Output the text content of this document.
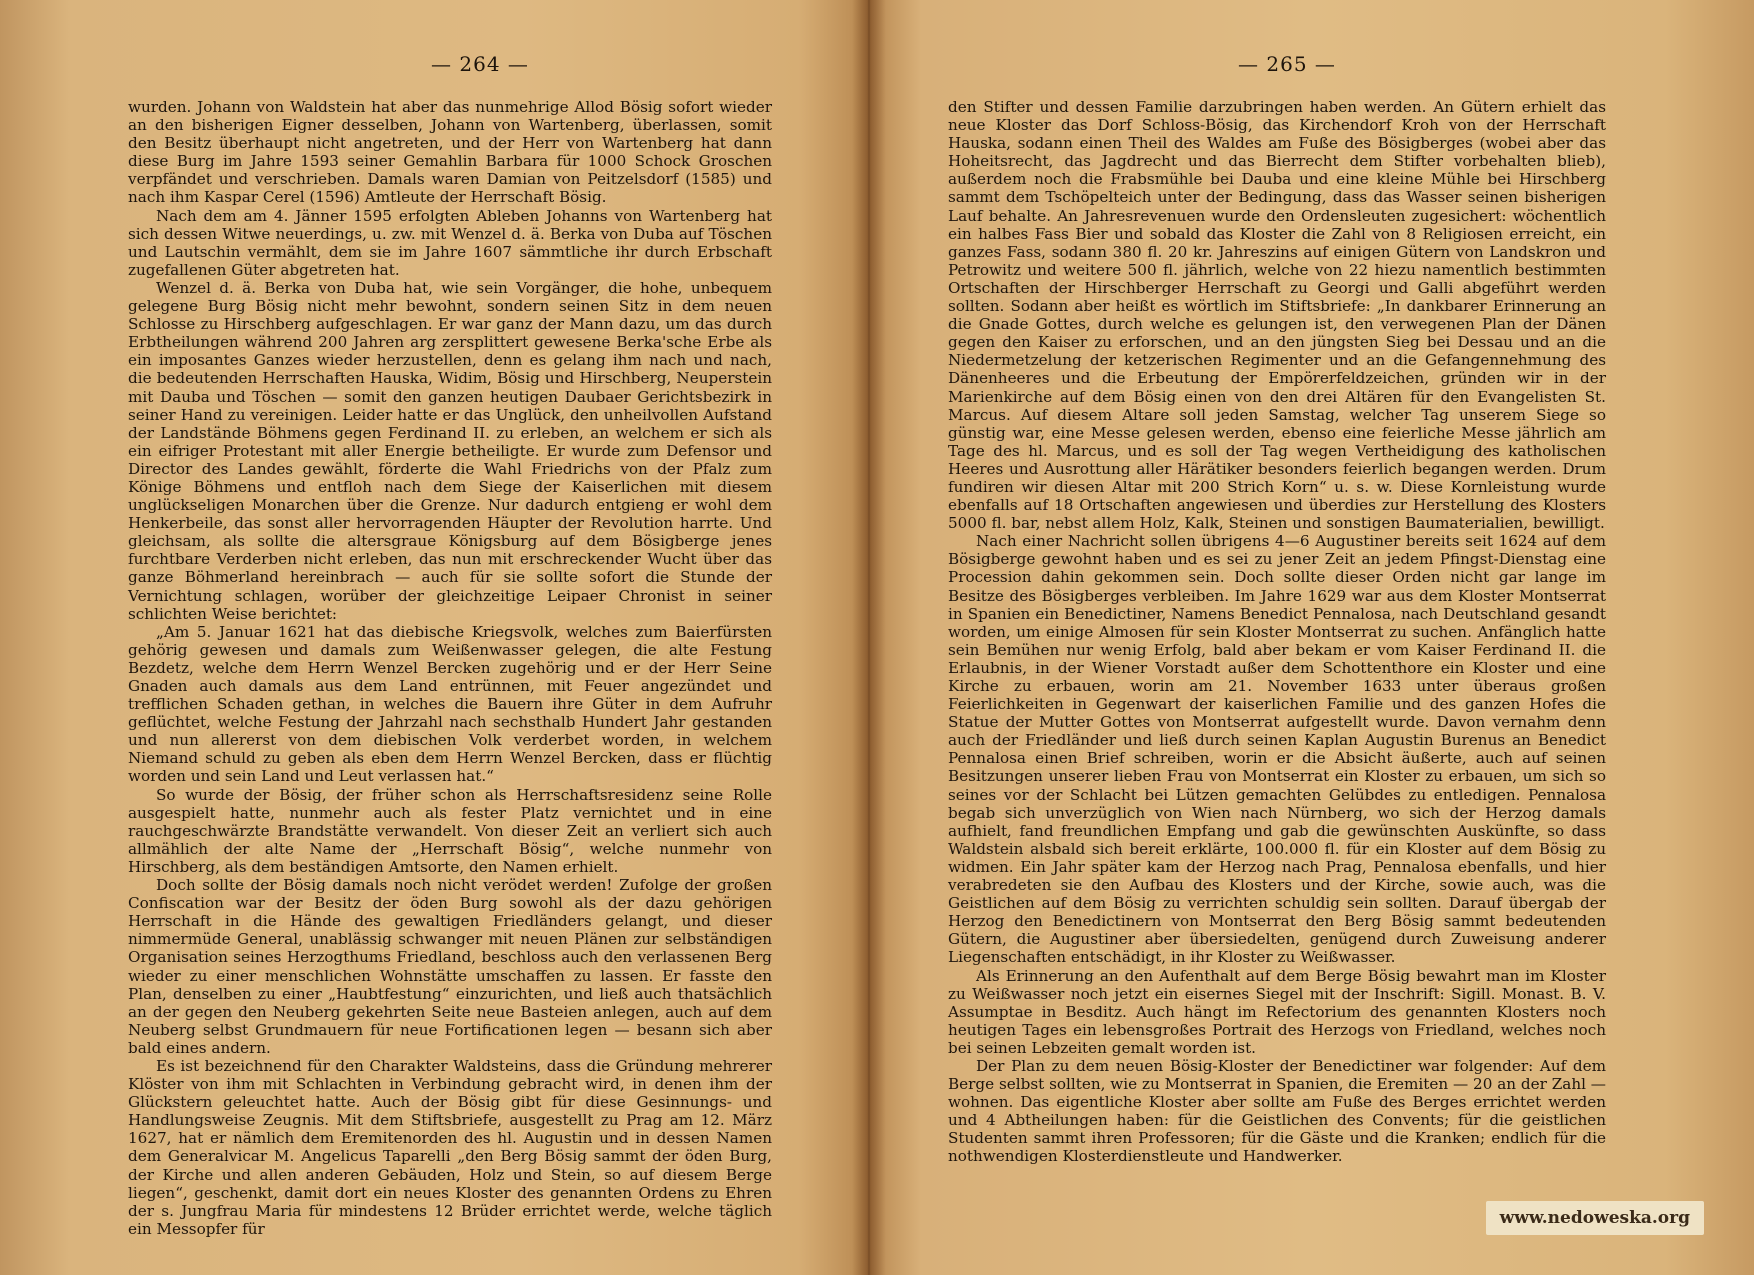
— 264 —

wurden. Johann von Waldstein hat aber das nunmehrige Allod Bösig sofort wieder an den bisherigen Eigner desselben, Johann von Wartenberg, überlassen, somit den Besitz überhaupt nicht angetreten, und der Herr von Wartenberg hat dann diese Burg im Jahre 1593 seiner Gemahlin Barbara für 1000 Schock Groschen verpfändet und verschrieben. Damals waren Damian von Peitzelsdorf (1585) und nach ihm Kaspar Cerel (1596) Amtleute der Herrschaft Bösig.

Nach dem am 4. Jänner 1595 erfolgten Ableben Johanns von Wartenberg hat sich dessen Witwe neuerdings, u. zw. mit Wenzel d. ä. Berka von Duba auf Töschen und Lautschin vermählt, dem sie im Jahre 1607 sämmtliche ihr durch Erbschaft zugefallenen Güter abgetreten hat.

Wenzel d. ä. Berka von Duba hat, wie sein Vorgänger, die hohe, unbequem gelegene Burg Bösig nicht mehr bewohnt, sondern seinen Sitz in dem neuen Schlosse zu Hirschberg aufgeschlagen. Er war ganz der Mann dazu, um das durch Erbtheilungen während 200 Jahren arg zersplittert gewesene Berka'sche Erbe als ein imposantes Ganzes wieder herzustellen, denn es gelang ihm nach und nach, die bedeutenden Herrschaften Hauska, Widim, Bösig und Hirschberg, Neuperstein mit Dauba und Töschen — somit den ganzen heutigen Daubaer Gerichtsbezirk in seiner Hand zu vereinigen. Leider hatte er das Unglück, den unheilvollen Aufstand der Landstände Böhmens gegen Ferdinand II. zu erleben, an welchem er sich als ein eifriger Protestant mit aller Energie betheiligte. Er wurde zum Defensor und Director des Landes gewählt, förderte die Wahl Friedrichs von der Pfalz zum Könige Böhmens und entfloh nach dem Siege der Kaiserlichen mit diesem unglückseligen Monarchen über die Grenze. Nur dadurch entgieng er wohl dem Henkerbeile, das sonst aller hervorragenden Häupter der Revolution harrte. Und gleichsam, als sollte die altersgraue Königsburg auf dem Bösigberge jenes furchtbare Verderben nicht erleben, das nun mit erschreckender Wucht über das ganze Böhmerland hereinbrach — auch für sie sollte sofort die Stunde der Vernichtung schlagen, worüber der gleichzeitige Leipaer Chronist in seiner schlichten Weise berichtet:

„Am 5. Januar 1621 hat das diebische Kriegsvolk, welches zum Baierfürsten gehörig gewesen und damals zum Weißenwasser gelegen, die alte Festung Bezdetz, welche dem Herrn Wenzel Bercken zugehörig und er der Herr Seine Gnaden auch damals aus dem Land entrünnen, mit Feuer angezündet und trefflichen Schaden gethan, in welches die Bauern ihre Güter in dem Aufruhr geflüchtet, welche Festung der Jahrzahl nach sechsthalb Hundert Jahr gestanden und nun allererst von dem diebischen Volk verderbet worden, in welchem Niemand schuld zu geben als eben dem Herrn Wenzel Bercken, dass er flüchtig worden und sein Land und Leut verlassen hat.“

So wurde der Bösig, der früher schon als Herrschaftsresidenz seine Rolle ausgespielt hatte, nunmehr auch als fester Platz vernichtet und in eine rauchgeschwärzte Brandstätte verwandelt. Von dieser Zeit an verliert sich auch allmählich der alte Name der „Herrschaft Bösig“, welche nunmehr von Hirschberg, als dem beständigen Amtsorte, den Namen erhielt.

Doch sollte der Bösig damals noch nicht verödet werden! Zufolge der großen Confiscation war der Besitz der öden Burg sowohl als der dazu gehörigen Herrschaft in die Hände des gewaltigen Friedländers gelangt, und dieser nimmermüde General, unablässig schwanger mit neuen Plänen zur selbständigen Organisation seines Herzogthums Friedland, beschloss auch den verlassenen Berg wieder zu einer menschlichen Wohnstätte umschaffen zu lassen. Er fasste den Plan, denselben zu einer „Haubtfestung“ einzurichten, und ließ auch thatsächlich an der gegen den Neuberg gekehrten Seite neue Basteien anlegen, auch auf dem Neuberg selbst Grundmauern für neue Fortificationen legen — besann sich aber bald eines andern.

Es ist bezeichnend für den Charakter Waldsteins, dass die Gründung mehrerer Klöster von ihm mit Schlachten in Verbindung gebracht wird, in denen ihm der Glückstern geleuchtet hatte. Auch der Bösig gibt für diese Gesinnungs- und Handlungsweise Zeugnis. Mit dem Stiftsbriefe, ausgestellt zu Prag am 12. März 1627, hat er nämlich dem Eremitenorden des hl. Augustin und in dessen Namen dem Generalvicar M. Angelicus Taparelli „den Berg Bösig sammt der öden Burg, der Kirche und allen anderen Gebäuden, Holz und Stein, so auf diesem Berge liegen“, geschenkt, damit dort ein neues Kloster des genannten Ordens zu Ehren der s. Jungfrau Maria für mindestens 12 Brüder errichtet werde, welche täglich ein Messopfer für

— 265 —

den Stifter und dessen Familie darzubringen haben werden. An Gütern erhielt das neue Kloster das Dorf Schloss-Bösig, das Kirchendorf Kroh von der Herrschaft Hauska, sodann einen Theil des Waldes am Fuße des Bösigberges (wobei aber das Hoheitsrecht, das Jagdrecht und das Bierrecht dem Stifter vorbehalten blieb), außerdem noch die Frabsmühle bei Dauba und eine kleine Mühle bei Hirschberg sammt dem Tschöpelteich unter der Bedingung, dass das Wasser seinen bisherigen Lauf behalte. An Jahresrevenuen wurde den Ordensleuten zugesichert: wöchentlich ein halbes Fass Bier und sobald das Kloster die Zahl von 8 Religiosen erreicht, ein ganzes Fass, sodann 380 fl. 20 kr. Jahreszins auf einigen Gütern von Landskron und Petrowitz und weitere 500 fl. jährlich, welche von 22 hiezu namentlich bestimmten Ortschaften der Hirschberger Herrschaft zu Georgi und Galli abgeführt werden sollten. Sodann aber heißt es wörtlich im Stiftsbriefe: „In dankbarer Erinnerung an die Gnade Gottes, durch welche es gelungen ist, den verwegenen Plan der Dänen gegen den Kaiser zu erforschen, und an den jüngsten Sieg bei Dessau und an die Niedermetzelung der ketzerischen Regimenter und an die Gefangennehmung des Dänenheeres und die Erbeutung der Empörerfeldzeichen, gründen wir in der Marienkirche auf dem Bösig einen von den drei Altären für den Evangelisten St. Marcus. Auf diesem Altare soll jeden Samstag, welcher Tag unserem Siege so günstig war, eine Messe gelesen werden, ebenso eine feierliche Messe jährlich am Tage des hl. Marcus, und es soll der Tag wegen Vertheidigung des katholischen Heeres und Ausrottung aller Härätiker besonders feierlich begangen werden. Drum fundiren wir diesen Altar mit 200 Strich Korn“ u. s. w. Diese Kornleistung wurde ebenfalls auf 18 Ortschaften angewiesen und überdies zur Herstellung des Klosters 5000 fl. bar, nebst allem Holz, Kalk, Steinen und sonstigen Baumaterialien, bewilligt.

Nach einer Nachricht sollen übrigens 4—6 Augustiner bereits seit 1624 auf dem Bösigberge gewohnt haben und es sei zu jener Zeit an jedem Pfingst-Dienstag eine Procession dahin gekommen sein. Doch sollte dieser Orden nicht gar lange im Besitze des Bösigberges verbleiben. Im Jahre 1629 war aus dem Kloster Montserrat in Spanien ein Benedictiner, Namens Benedict Pennalosa, nach Deutschland gesandt worden, um einige Almosen für sein Kloster Montserrat zu suchen. Anfänglich hatte sein Bemühen nur wenig Erfolg, bald aber bekam er vom Kaiser Ferdinand II. die Erlaubnis, in der Wiener Vorstadt außer dem Schottenthore ein Kloster und eine Kirche zu erbauen, worin am 21. November 1633 unter überaus großen Feierlichkeiten in Gegenwart der kaiserlichen Familie und des ganzen Hofes die Statue der Mutter Gottes von Montserrat aufgestellt wurde. Davon vernahm denn auch der Friedländer und ließ durch seinen Kaplan Augustin Burenus an Benedict Pennalosa einen Brief schreiben, worin er die Absicht äußerte, auch auf seinen Besitzungen unserer lieben Frau von Montserrat ein Kloster zu erbauen, um sich so seines vor der Schlacht bei Lützen gemachten Gelübdes zu entledigen. Pennalosa begab sich unverzüglich von Wien nach Nürnberg, wo sich der Herzog damals aufhielt, fand freundlichen Empfang und gab die gewünschten Auskünfte, so dass Waldstein alsbald sich bereit erklärte, 100.000 fl. für ein Kloster auf dem Bösig zu widmen. Ein Jahr später kam der Herzog nach Prag, Pennalosa ebenfalls, und hier verabredeten sie den Aufbau des Klosters und der Kirche, sowie auch, was die Geistlichen auf dem Bösig zu verrichten schuldig sein sollten. Darauf übergab der Herzog den Benedictinern von Montserrat den Berg Bösig sammt bedeutenden Gütern, die Augustiner aber übersiedelten, genügend durch Zuweisung anderer Liegenschaften entschädigt, in ihr Kloster zu Weißwasser.

Als Erinnerung an den Aufenthalt auf dem Berge Bösig bewahrt man im Kloster zu Weißwasser noch jetzt ein eisernes Siegel mit der Inschrift: Sigill. Monast. B. V. Assumptae in Besditz. Auch hängt im Refectorium des genannten Klosters noch heutigen Tages ein lebensgroßes Portrait des Herzogs von Friedland, welches noch bei seinen Lebzeiten gemalt worden ist.

Der Plan zu dem neuen Bösig-Kloster der Benedictiner war folgender: Auf dem Berge selbst sollten, wie zu Montserrat in Spanien, die Eremiten — 20 an der Zahl — wohnen. Das eigentliche Kloster aber sollte am Fuße des Berges errichtet werden und 4 Abtheilungen haben: für die Geistlichen des Convents; für die geistlichen Studenten sammt ihren Professoren; für die Gäste und die Kranken; endlich für die nothwendigen Klosterdienstleute und Handwerker.

www.nedoweska.org
